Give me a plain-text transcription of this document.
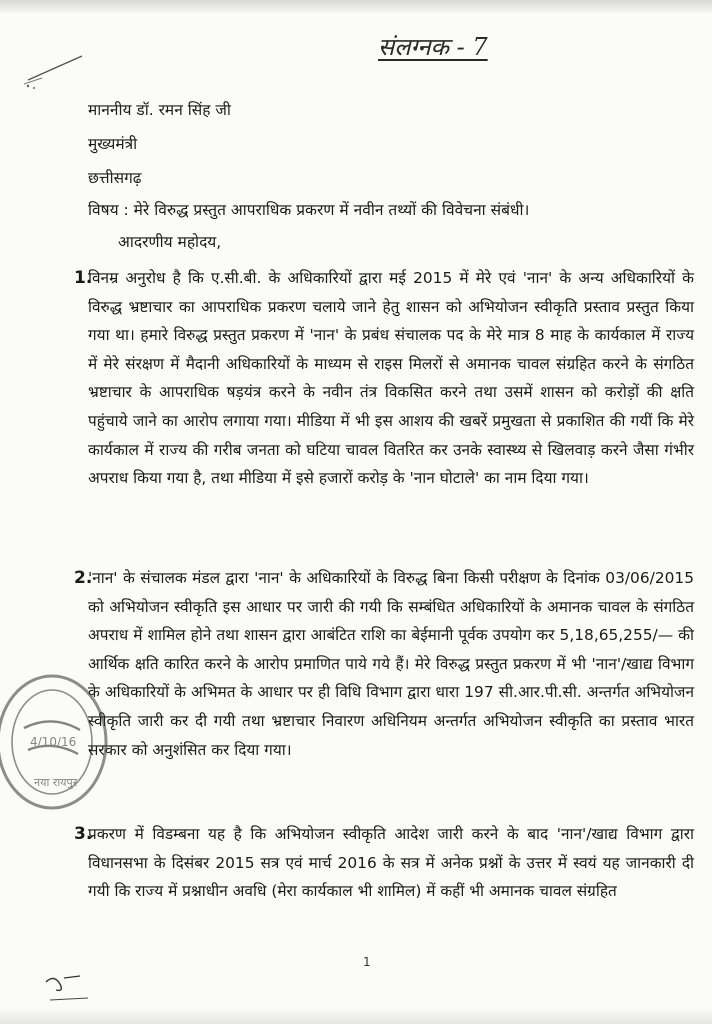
संलग्नक - 7
माननीय डॉ. रमन सिंह जी
मुख्यमंत्री
छत्तीसगढ़
विषय : मेरे विरुद्ध प्रस्तुत आपराधिक प्रकरण में नवीन तथ्यों की विवेचना संबंधी।
आदरणीय महोदय,
1.
विनम्र अनुरोध है कि ए.सी.बी. के अधिकारियों द्वारा मई 2015 में मेरे एवं 'नान' के अन्य अधिकारियों के विरुद्ध भ्रष्टाचार का आपराधिक प्रकरण चलाये जाने हेतु शासन को अभियोजन स्वीकृति प्रस्ताव प्रस्तुत किया गया था। हमारे विरुद्ध प्रस्तुत प्रकरण में 'नान' के प्रबंध संचालक पद के मेरे मात्र 8 माह के कार्यकाल में राज्य में मेरे संरक्षण में मैदानी अधिकारियों के माध्यम से राइस मिलरों से अमानक चावल संग्रहित करने के संगठित भ्रष्टाचार के आपराधिक षड़यंत्र करने के नवीन तंत्र विकसित करने तथा उसमें शासन को करोड़ों की क्षति पहुंचाये जाने का आरोप लगाया गया। मीडिया में भी इस आशय की खबरें प्रमुखता से प्रकाशित की गयीं कि मेरे कार्यकाल में राज्य की गरीब जनता को घटिया चावल वितरित कर उनके स्वास्थ्य से खिलवाड़ करने जैसा गंभीर अपराध किया गया है, तथा मीडिया में इसे हजारों करोड़ के 'नान घोटाले' का नाम दिया गया।
2.
'नान' के संचालक मंडल द्वारा 'नान' के अधिकारियों के विरुद्ध बिना किसी परीक्षण के दिनांक 03/06/2015 को अभियोजन स्वीकृति इस आधार पर जारी की गयी कि सम्बंधित अधिकारियों के अमानक चावल के संगठित अपराध में शामिल होने तथा शासन द्वारा आबंटित राशि का बेईमानी पूर्वक उपयोग कर 5,18,65,255/— की आर्थिक क्षति कारित करने के आरोप प्रमाणित पाये गये हैं। मेरे विरुद्ध प्रस्तुत प्रकरण में भी 'नान'/खाद्य विभाग के अधिकारियों के अभिमत के आधार पर ही विधि विभाग द्वारा धारा 197 सी.आर.पी.सी. अन्तर्गत अभियोजन स्वीकृति जारी कर दी गयी तथा भ्रष्टाचार निवारण अधिनियम अन्तर्गत अभियोजन स्वीकृति का प्रस्ताव भारत सरकार को अनुशंसित कर दिया गया।
3.
प्रकरण में विडम्बना यह है कि अभियोजन स्वीकृति आदेश जारी करने के बाद 'नान'/खाद्य विभाग द्वारा विधानसभा के दिसंबर 2015 सत्र एवं मार्च 2016 के सत्र में अनेक प्रश्नों के उत्तर में स्वयं यह जानकारी दी गयी कि राज्य में प्रश्नाधीन अवधि (मेरा कार्यकाल भी शामिल) में कहीं भी अमानक चावल संग्रहित
नया रायपुर
4/10/16
1
